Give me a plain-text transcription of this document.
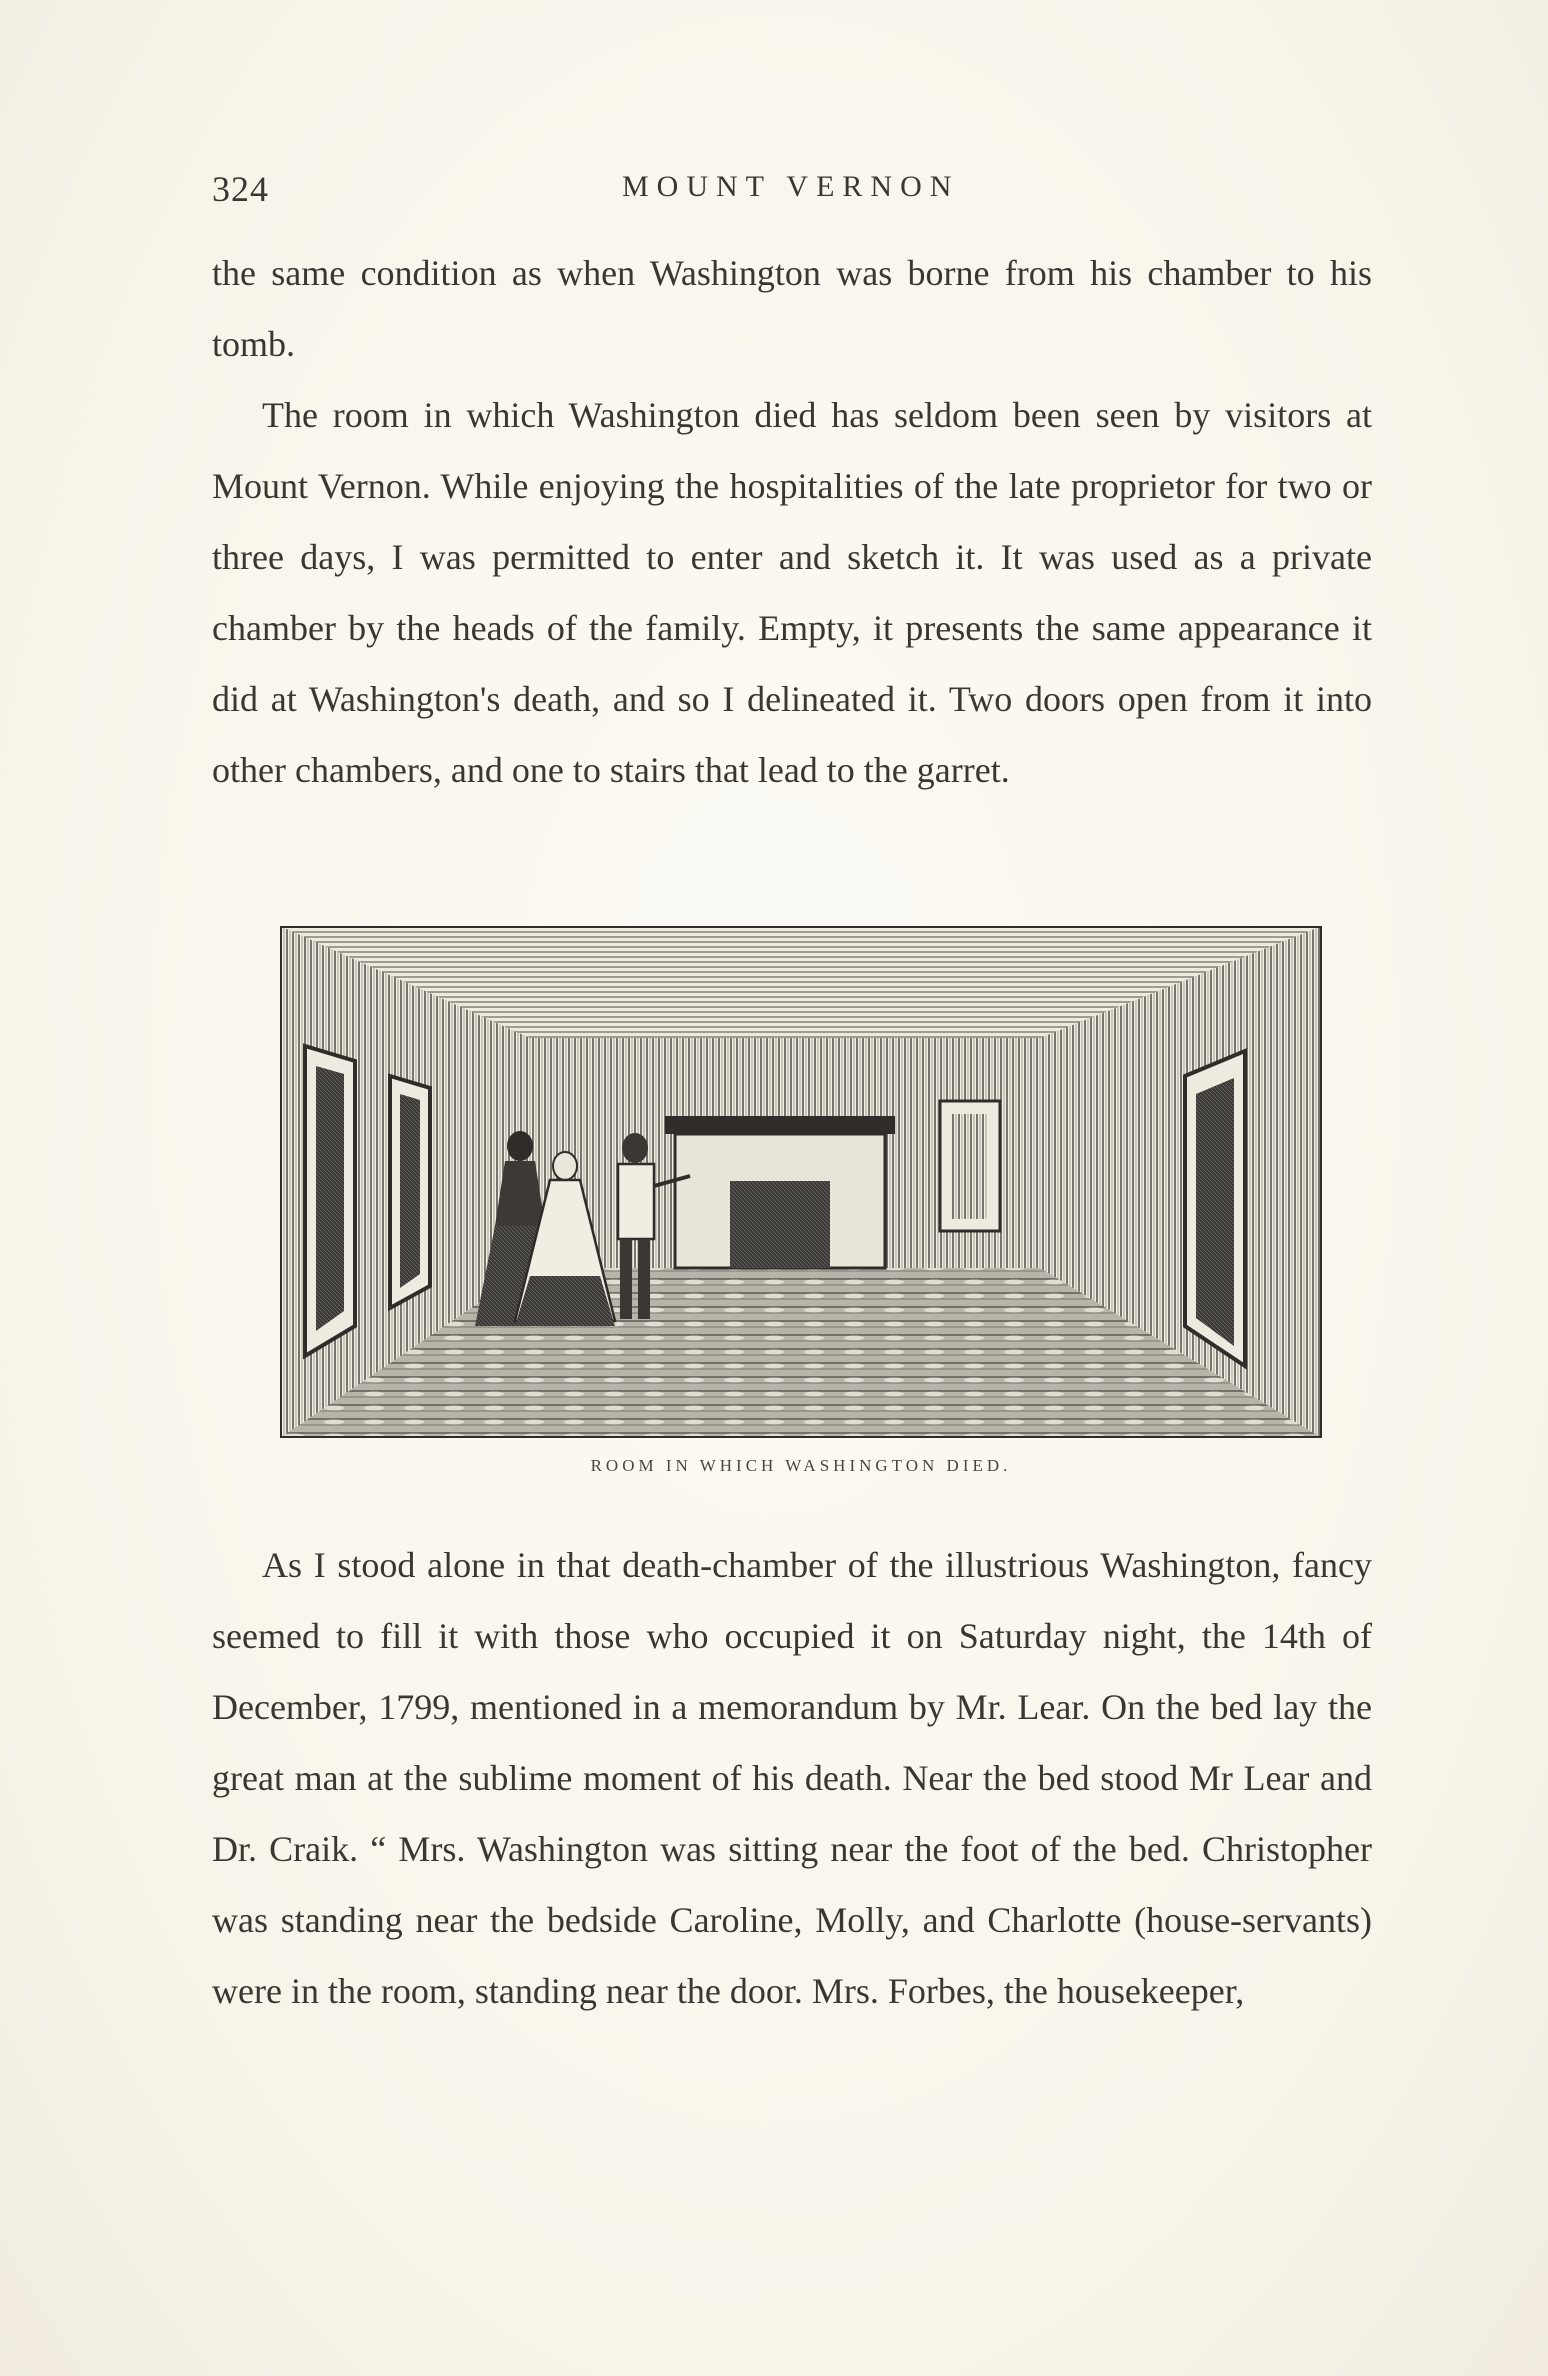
324	MOUNT VERNON

the same condition as when Washington was borne from his chamber to his tomb.

The room in which Washington died has seldom been seen by visitors at Mount Vernon. While enjoying the hospitalities of the late proprietor for two or three days, I was permitted to enter and sketch it. It was used as a private chamber by the heads of the family. Empty, it presents the same appearance it did at Washington's death, and so I delineated it. Two doors open from it into other chambers, and one to stairs that lead to the garret.

ROOM IN WHICH WASHINGTON DIED.

As I stood alone in that death-chamber of the illustrious Washington, fancy seemed to fill it with those who occupied it on Saturday night, the 14th of December, 1799, mentioned in a memorandum by Mr. Lear. On the bed lay the great man at the sublime moment of his death. Near the bed stood Mr Lear and Dr. Craik. “ Mrs. Washington was sitting near the foot of the bed. Christopher was standing near the bedside Caroline, Molly, and Charlotte (house-servants) were in the room, standing near the door. Mrs. Forbes, the housekeeper,
